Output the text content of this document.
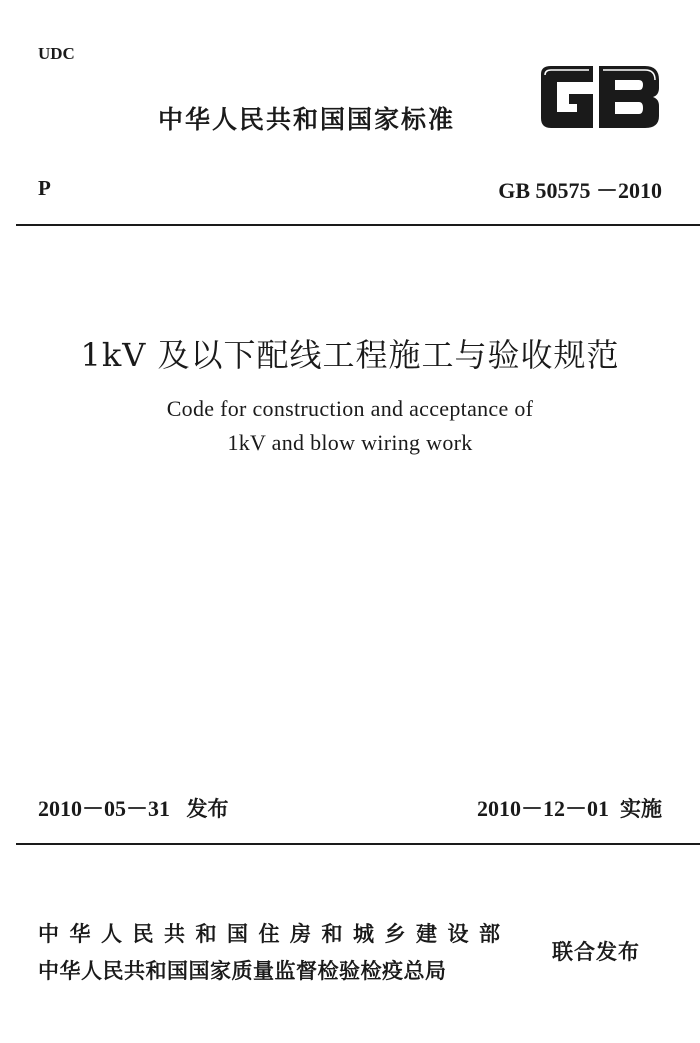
UDC
中华人民共和国国家标准
P	GB 50575 －2010
1kV 及以下配线工程施工与验收规范
Code for construction and acceptance of
1kV and blow wiring work
2010－05－31 发布	2010－12－01 实施
中华人民共和国住房和城乡建设部
中华人民共和国国家质量监督检验检疫总局
联合发布
